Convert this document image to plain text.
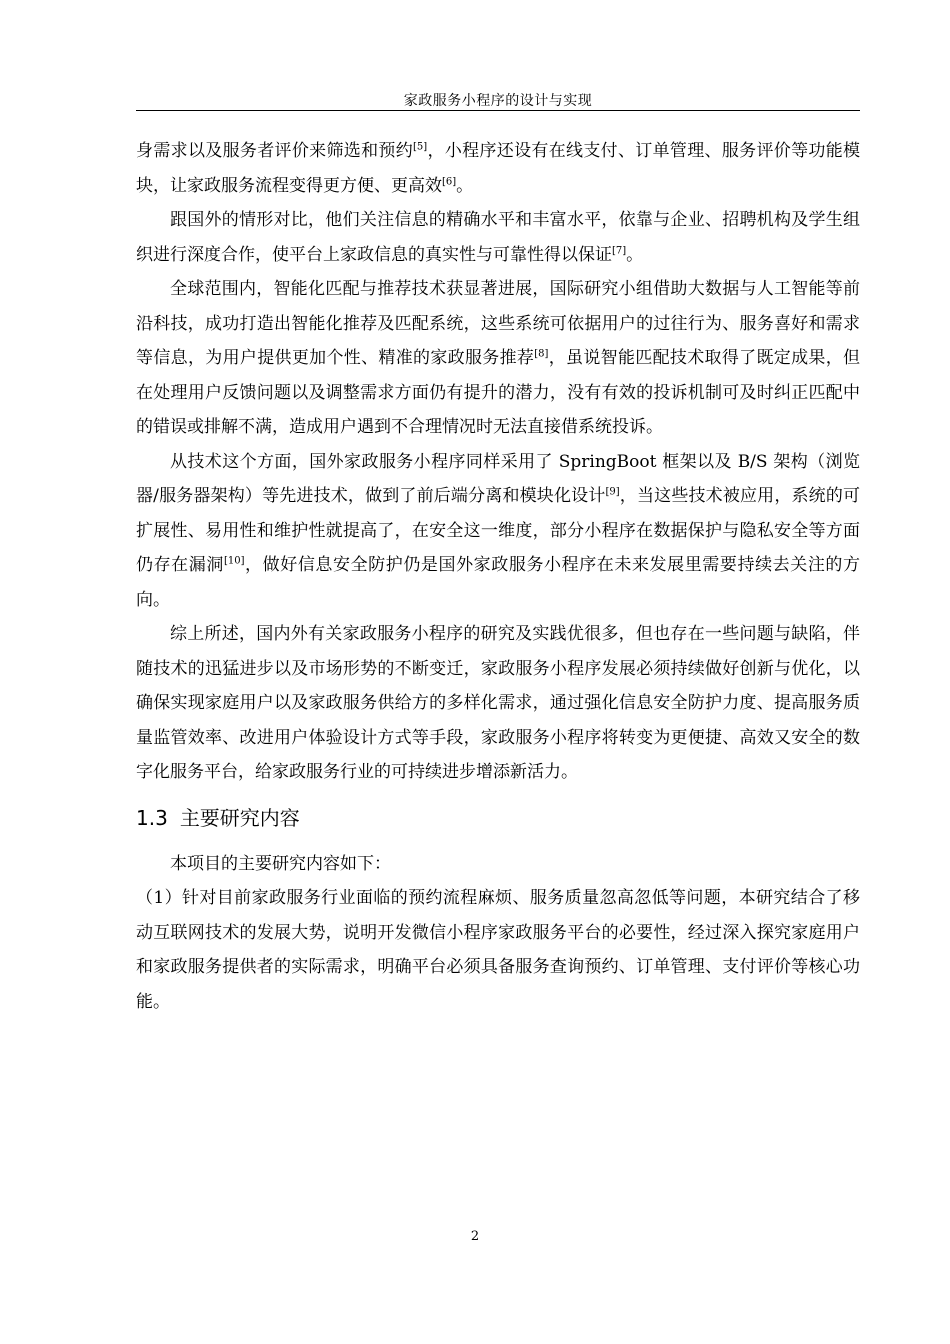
家政服务小程序的设计与实现

身需求以及服务者评价来筛选和预约[5]，小程序还设有在线支付、订单管理、服务评价等功能模块，让家政服务流程变得更方便、更高效[6]。

跟国外的情形对比，他们关注信息的精确水平和丰富水平，依靠与企业、招聘机构及学生组织进行深度合作，使平台上家政信息的真实性与可靠性得以保证[7]。

全球范围内，智能化匹配与推荐技术获显著进展，国际研究小组借助大数据与人工智能等前沿科技，成功打造出智能化推荐及匹配系统，这些系统可依据用户的过往行为、服务喜好和需求等信息，为用户提供更加个性、精准的家政服务推荐[8]，虽说智能匹配技术取得了既定成果，但在处理用户反馈问题以及调整需求方面仍有提升的潜力，没有有效的投诉机制可及时纠正匹配中的错误或排解不满，造成用户遇到不合理情况时无法直接借系统投诉。

从技术这个方面，国外家政服务小程序同样采用了 SpringBoot 框架以及 B/S 架构（浏览器/服务器架构）等先进技术，做到了前后端分离和模块化设计[9]，当这些技术被应用，系统的可扩展性、易用性和维护性就提高了，在安全这一维度，部分小程序在数据保护与隐私安全等方面仍存在漏洞[10]，做好信息安全防护仍是国外家政服务小程序在未来发展里需要持续去关注的方向。

综上所述，国内外有关家政服务小程序的研究及实践优很多，但也存在一些问题与缺陷，伴随技术的迅猛进步以及市场形势的不断变迁，家政服务小程序发展必须持续做好创新与优化，以确保实现家庭用户以及家政服务供给方的多样化需求，通过强化信息安全防护力度、提高服务质量监管效率、改进用户体验设计方式等手段，家政服务小程序将转变为更便捷、高效又安全的数字化服务平台，给家政服务行业的可持续进步增添新活力。

1.3 主要研究内容

本项目的主要研究内容如下：

（1）针对目前家政服务行业面临的预约流程麻烦、服务质量忽高忽低等问题，本研究结合了移动互联网技术的发展大势，说明开发微信小程序家政服务平台的必要性，经过深入探究家庭用户和家政服务提供者的实际需求，明确平台必须具备服务查询预约、订单管理、支付评价等核心功能。

2
